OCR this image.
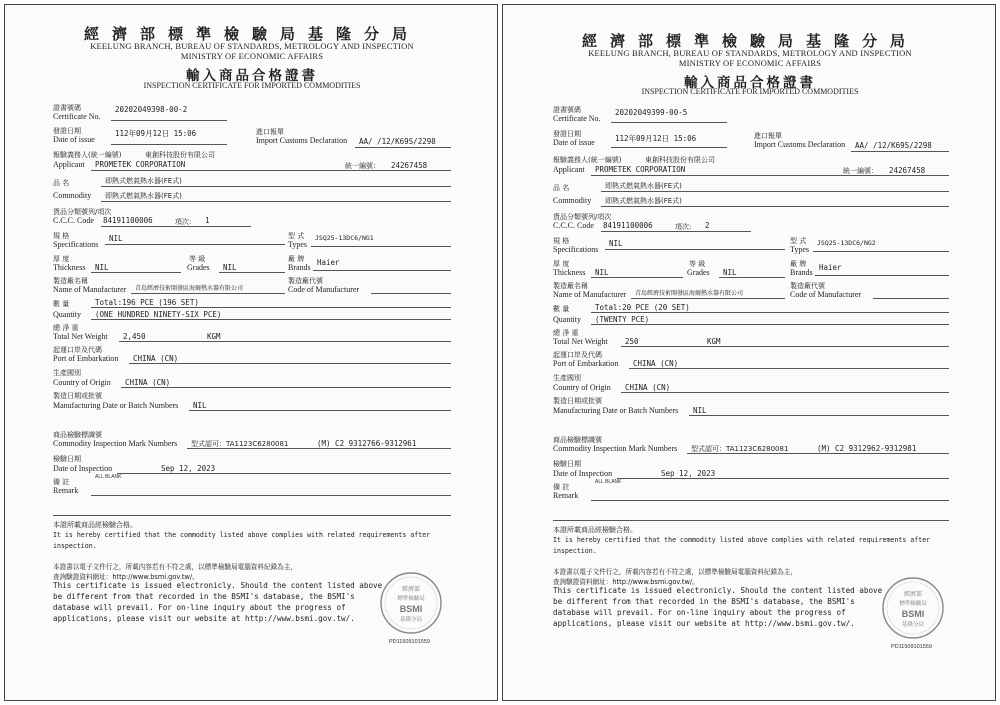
經濟部標準檢驗局基隆分局
KEELUNG BRANCH, BUREAU OF STANDARDS, METROLOGY AND INSPECTION
MINISTRY OF ECONOMIC AFFAIRS
輸入商品合格證書
INSPECTION CERTIFICATE FOR IMPORTED COMMODITIES
證書號碼
Certificate No.
20202049398-00-2
發證日期
Date of issue
112年09月12日 15:06	進口報單
Import Customs Declaration AA/ /12/K69S/2298
報驗義務人(統一編號)	東創科技股份有限公司
Applicant PROMETEK CORPORATION	統一編號： 24267458
品 名	即熱式燃氣熱水器(FE式)
Commodity 即熱式燃氣熱水器(FE式)
貨品分類號列/項次
C.C.C. Code 84191100006	項次: 1
規 格
Specifications
NIL	型 式
Types
JSQ25-13DC6/NG1
厚 度
Thickness NIL
等 級
Grades NIL
廠 牌
Brands
Haier
製造廠名稱
Name of Manufacturer 青島經濟技術開發區海爾熱水器有限公司
製造廠代號
Code of Manufacturer
數 量	Total:196 PCE (196 SET)
Quantity (ONE HUNDRED NINETY-SIX PCE)
總 淨 重
Total Net Weight 2,450	KGM
起運口岸及代碼
Port of Embarkation CHINA (CN)
生產國別
Country of Origin CHINA (CN)
製造日期或批號
Manufacturing Date or Batch Numbers NIL
商品檢驗標識號
Commodity Inspection Mark Numbers 型式認可：TA1123C6280081	(M) C2 9312766-9312961
檢驗日期
Date of Inspection	Sep 12, 2023
備 註
ALL BLANK
Remark
本證所載商品經檢驗合格。
It is hereby certified that the commodity listed above complies with related requirements after
inspection.
本證書以電子文件行之，所載內容若有不符之處，以標準檢驗局電腦資料紀錄為主，
查詢驗證資料網址：http://www.bsmi.gov.tw/。
This certificate is issued electronicly. Should the content listed above
be different from that recorded in the BSMI's database, the BSMI's
database will prevail. For on-line inquiry about the progress of
applications, please visit our website at http://www.bsmi.gov.tw/.
經濟部
標準檢驗局
BSMI
基隆分局
PD11509101559
經濟部標準檢驗局基隆分局
KEELUNG BRANCH, BUREAU OF STANDARDS, METROLOGY AND INSPECTION
MINISTRY OF ECONOMIC AFFAIRS
輸入商品合格證書
INSPECTION CERTIFICATE FOR IMPORTED COMMODITIES
證書號碼
Certificate No.
20202049399-00-5
發證日期
Date of issue	112年09月12日 15:06	進口報單
Import Customs Declaration AA/ /12/K69S/2298
報驗義務人(統一編號)	東創科技股份有限公司
Applicant PROMETEK CORPORATION	統一編號： 24267458
品 名	即熱式燃氣熱水器(FE式)
Commodity 即熱式燃氣熱水器(FE式)
貨品分類號列/項次
C.C.C. Code 84191100006	項次: 2
規 格
Specifications
NIL	型 式
Types
JSQ25-13DC6/NG2
厚 度
Thickness NIL
等 級
Grades NIL
廠 牌
Brands
Haier
製造廠名稱
Name of Manufacturer 青島經濟技術開發區海爾熱水器有限公司
製造廠代號
Code of Manufacturer
數 量	Total:20 PCE (20 SET)
Quantity (TWENTY PCE)
總 淨 重
Total Net Weight 250	KGM
起運口岸及代碼
Port of Embarkation CHINA (CN)
生產國別
Country of Origin CHINA (CN)
製造日期或批號
Manufacturing Date or Batch Numbers NIL
商品檢驗標識號
Commodity Inspection Mark Numbers 型式認可：TA1123C6280081	(M) C2 9312962-9312981
檢驗日期
Date of Inspection	Sep 12, 2023
備 註
ALL BLANK
Remark
本證所載商品經檢驗合格。
It is hereby certified that the commodity listed above complies with related requirements after
inspection.
本證書以電子文件行之，所載內容若有不符之處，以標準檢驗局電腦資料紀錄為主，
查詢驗證資料網址：http://www.bsmi.gov.tw/。
This certificate is issued electronicly. Should the content listed above
be different from that recorded in the BSMI's database, the BSMI's
database will prevail. For on-line inquiry about the progress of
applications, please visit our website at http://www.bsmi.gov.tw/.
經濟部
標準檢驗局
BSMI
基隆分局
PD11509101559
